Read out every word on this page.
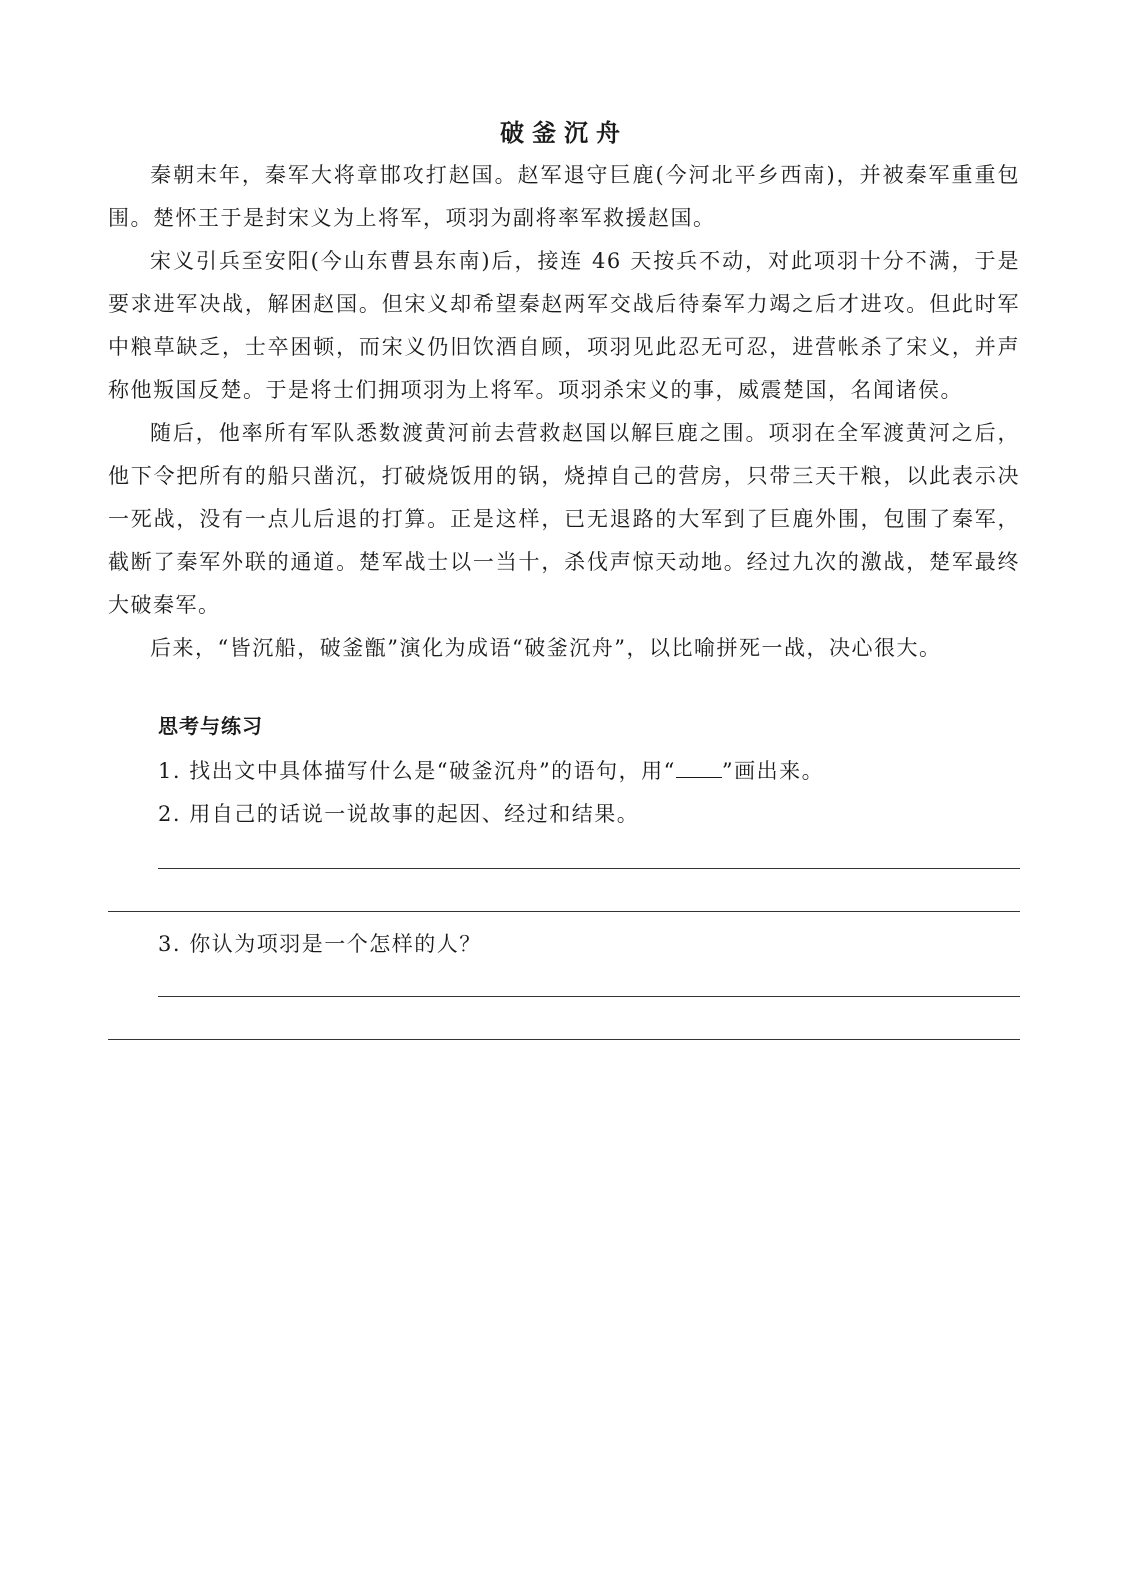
破釜沉舟

秦朝末年，秦军大将章邯攻打赵国。赵军退守巨鹿(今河北平乡西南)，并被秦军重重包围。楚怀王于是封宋义为上将军，项羽为副将率军救援赵国。

宋义引兵至安阳(今山东曹县东南)后，接连 46 天按兵不动，对此项羽十分不满，于是要求进军决战，解困赵国。但宋义却希望秦赵两军交战后待秦军力竭之后才进攻。但此时军中粮草缺乏，士卒困顿，而宋义仍旧饮酒自顾，项羽见此忍无可忍，进营帐杀了宋义，并声称他叛国反楚。于是将士们拥项羽为上将军。项羽杀宋义的事，威震楚国，名闻诸侯。

随后，他率所有军队悉数渡黄河前去营救赵国以解巨鹿之围。项羽在全军渡黄河之后，他下令把所有的船只凿沉，打破烧饭用的锅，烧掉自己的营房，只带三天干粮，以此表示决一死战，没有一点儿后退的打算。正是这样，已无退路的大军到了巨鹿外围，包围了秦军，截断了秦军外联的通道。楚军战士以一当十，杀伐声惊天动地。经过九次的激战，楚军最终大破秦军。

后来，“皆沉船，破釜甑”演化为成语“破釜沉舟”，以比喻拼死一战，决心很大。

思考与练习
1. 找出文中具体描写什么是“破釜沉舟”的语句，用“ ”画出来。
2. 用自己的话说一说故事的起因、经过和结果。
3. 你认为项羽是一个怎样的人？
